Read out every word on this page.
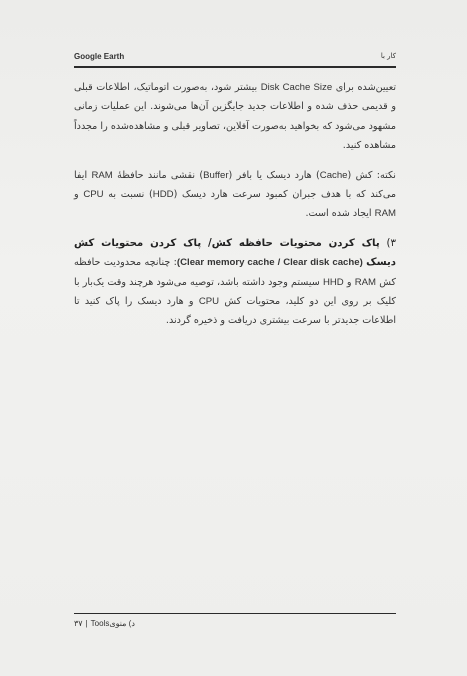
Google Earth	کار با

تعیین‌شده برای Disk Cache Size بیشتر شود، به‌صورت اتوماتیک، اطلاعات قبلی و قدیمی حذف شده و اطلاعات جدید جایگزین آن‌ها می‌شوند. این عملیات زمانی مشهود می‌شود که بخواهید به‌صورت آفلاین، تصاویر قبلی و مشاهده‌شده را مجدداً مشاهده کنید.

نکته: کش (Cache) هارد دیسک یا بافر (Buffer) نقشی مانند حافظهٔ RAM ایفا می‌کند که با هدف جبران کمبود سرعت هارد دیسک (HDD) نسبت به CPU و RAM ایجاد شده است.

۳) پاک کردن محتویات حافظه کش/ پاک کردن محتویات کش دیسک (Clear memory cache / Clear disk cache): چنانچه محدودیت حافظه کش RAM و HHD سیستم وجود داشته باشد، توصیه می‌شود هرچند وقت یک‌بار با کلیک بر روی این دو کلید، محتویات کش CPU و هارد دیسک را پاک کنید تا اطلاعات جدیدتر با سرعت بیشتری دریافت و ذخیره گردند.

۳۷ | Toolsد) منوی
